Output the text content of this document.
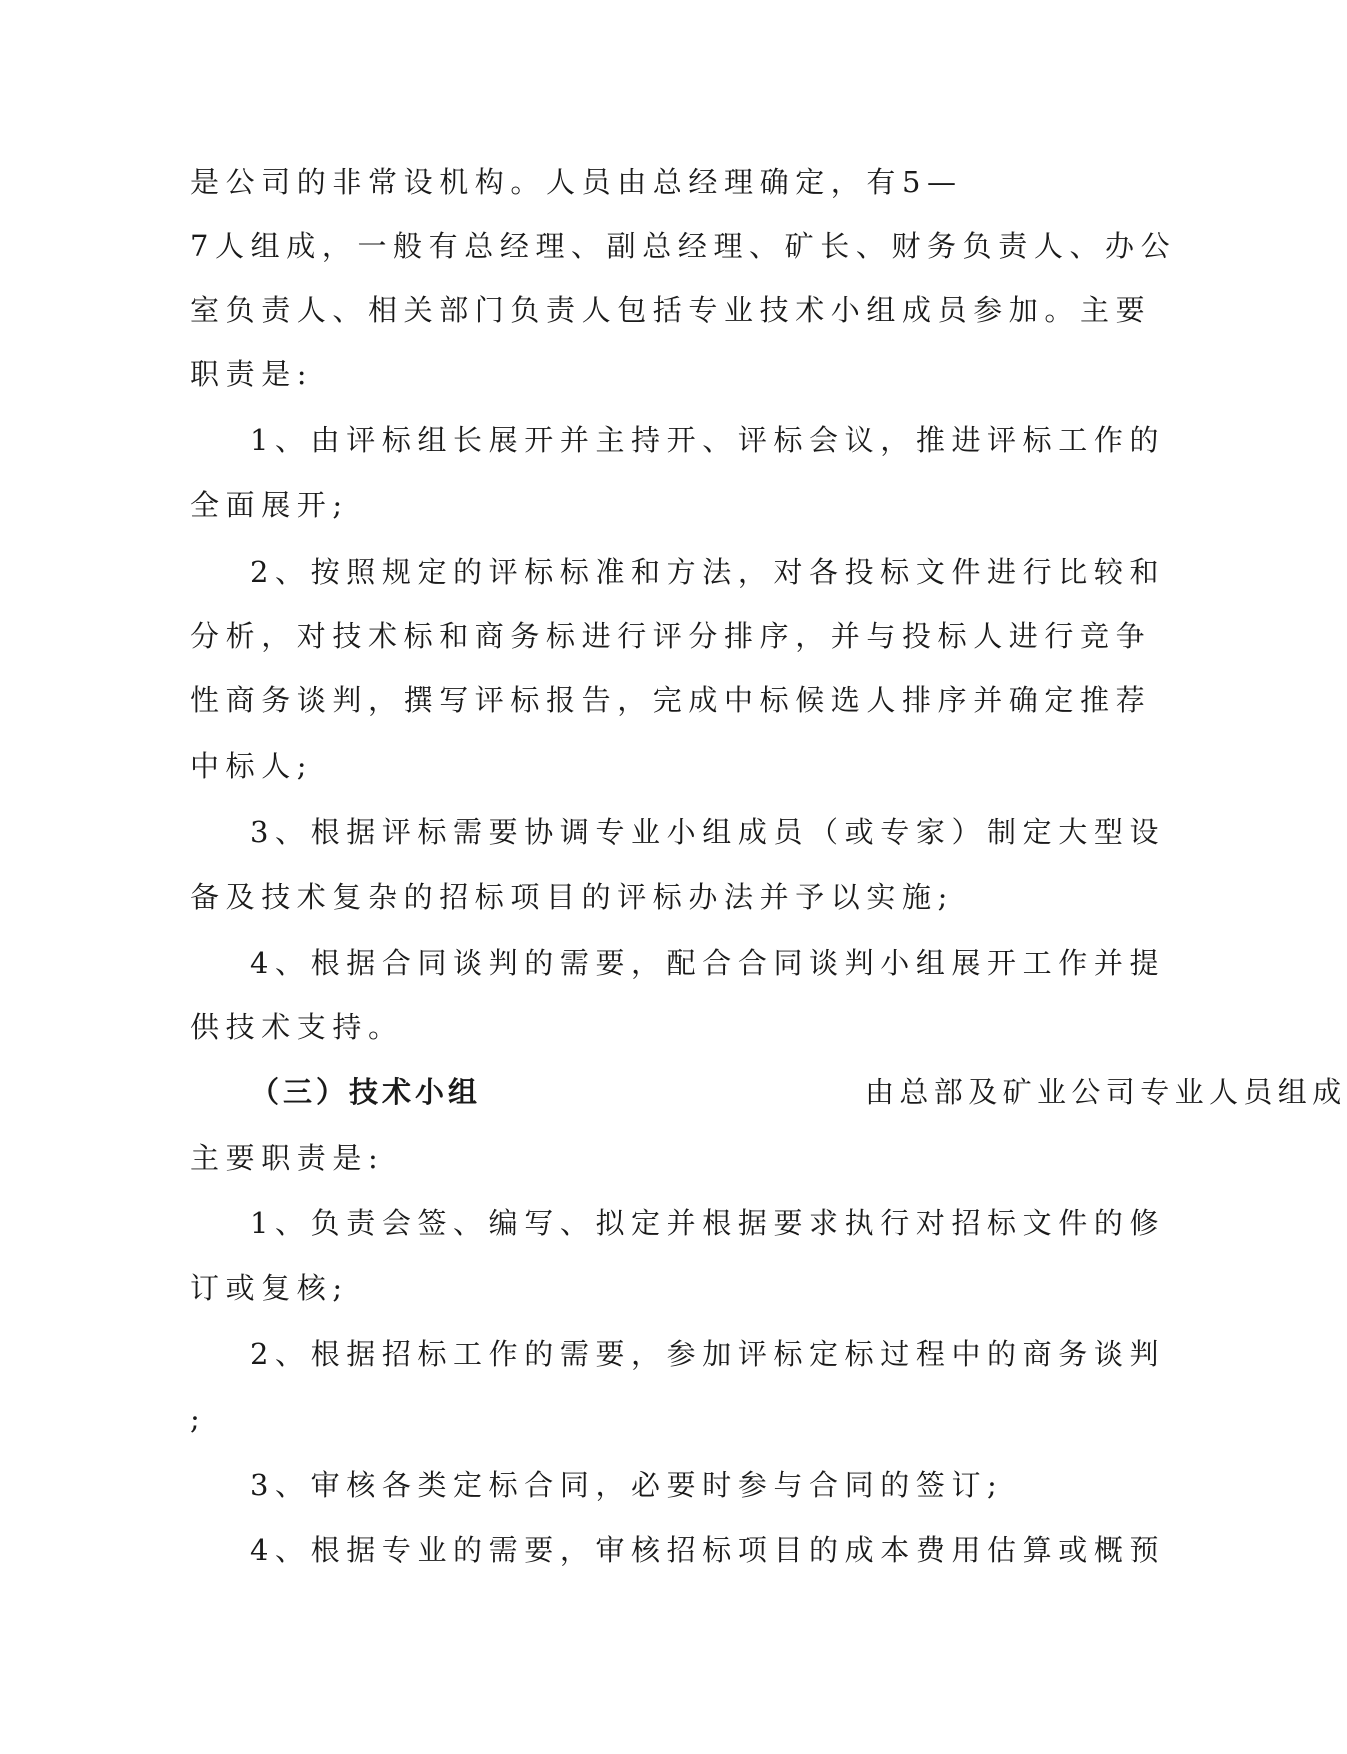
是公司的非常设机构。人员由总经理确定，有5—
7人组成，一般有总经理、副总经理、矿长、财务负责人、办公
室负责人、相关部门负责人包括专业技术小组成员参加。主要
职责是:
1、由评标组长展开并主持开、评标会议，推进评标工作的
全面展开;
2、按照规定的评标标准和方法，对各投标文件进行比较和
分析，对技术标和商务标进行评分排序，并与投标人进行竞争
性商务谈判，撰写评标报告，完成中标候选人排序并确定推荐
中标人;
3、根据评标需要协调专业小组成员（或专家）制定大型设
备及技术复杂的招标项目的评标办法并予以实施;
4、根据合同谈判的需要，配合合同谈判小组展开工作并提
供技术支持。
（三）技术小组	由总部及矿业公司专业人员组成
主要职责是:
1、负责会签、编写、拟定并根据要求执行对招标文件的修
订或复核;
2、根据招标工作的需要，参加评标定标过程中的商务谈判
;
3、审核各类定标合同，必要时参与合同的签订;
4、根据专业的需要，审核招标项目的成本费用估算或概预
